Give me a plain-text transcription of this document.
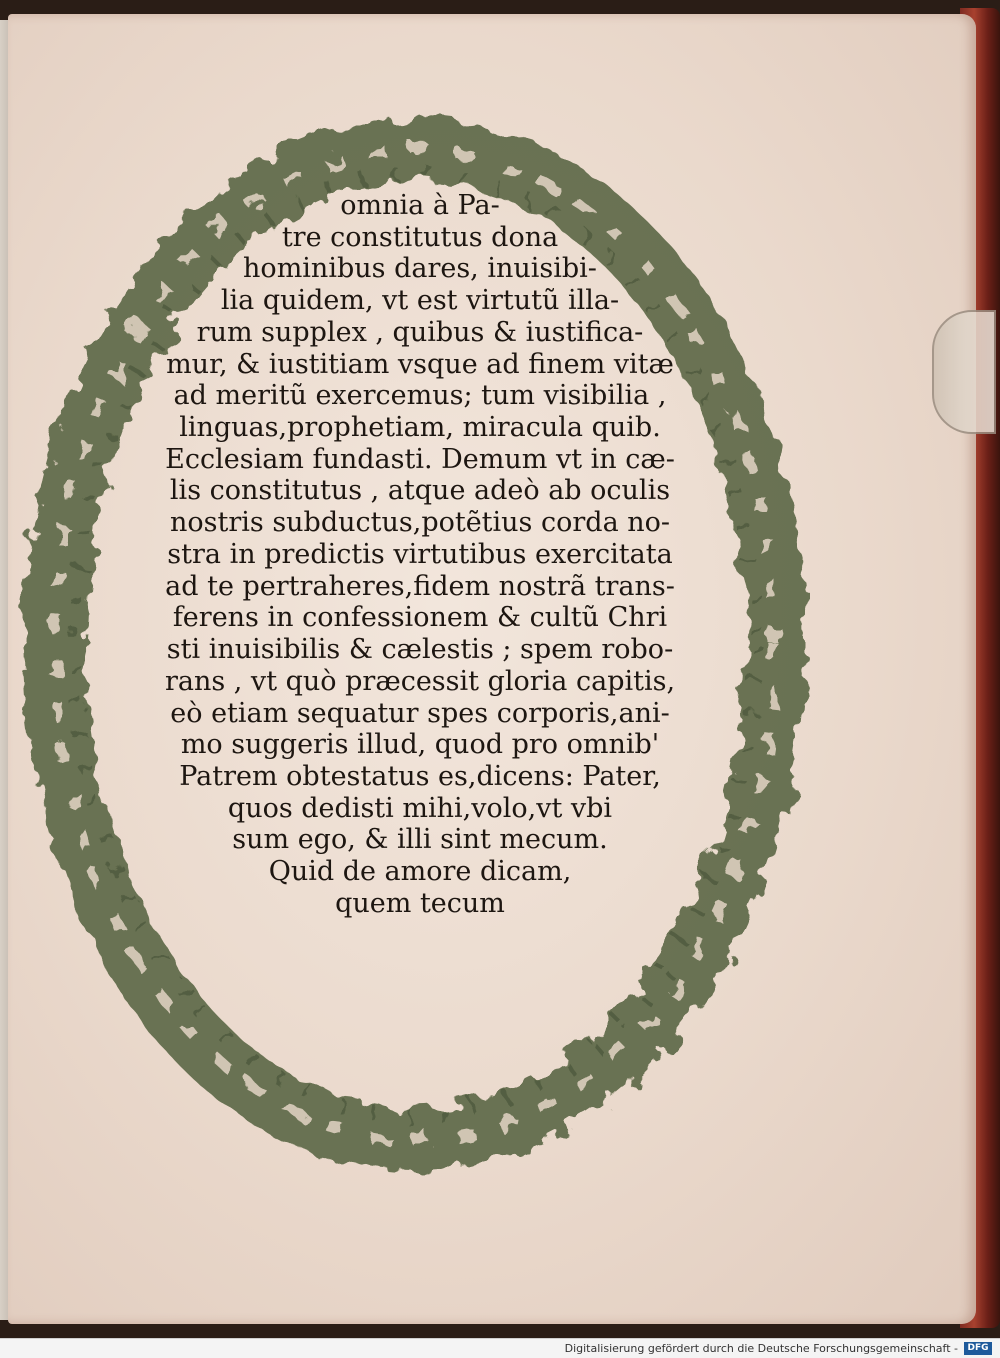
omnia à Pa-
tre constitutus dona
hominibus dares, inuisibi-
lia quidem, vt est virtutũ illa-
rum supplex , quibus & iustifica-
mur, & iustitiam vsque ad finem vitæ
ad meritũ exercemus; tum visibilia ,
linguas,prophetiam, miracula quib.
Ecclesiam fundasti. Demum vt in cæ-
lis constitutus , atque adeò ab oculis
nostris subductus,potẽtius corda no-
stra in predictis virtutibus exercitata
ad te pertraheres,fidem nostrã trans-
ferens in confessionem & cultũ Chri
sti inuisibilis & cælestis ; spem robo-
rans , vt quò præcessit gloria capitis,
eò etiam sequatur spes corporis,ani-
mo suggeris illud, quod pro omnib'
Patrem obtestatus es,dicens: Pater,
quos dedisti mihi,volo,vt vbi
sum ego, & illi sint mecum.
Quid de amore dicam,
quem tecum
Digitalisierung gefördert durch die Deutsche Forschungsgemeinschaft -	DFG
